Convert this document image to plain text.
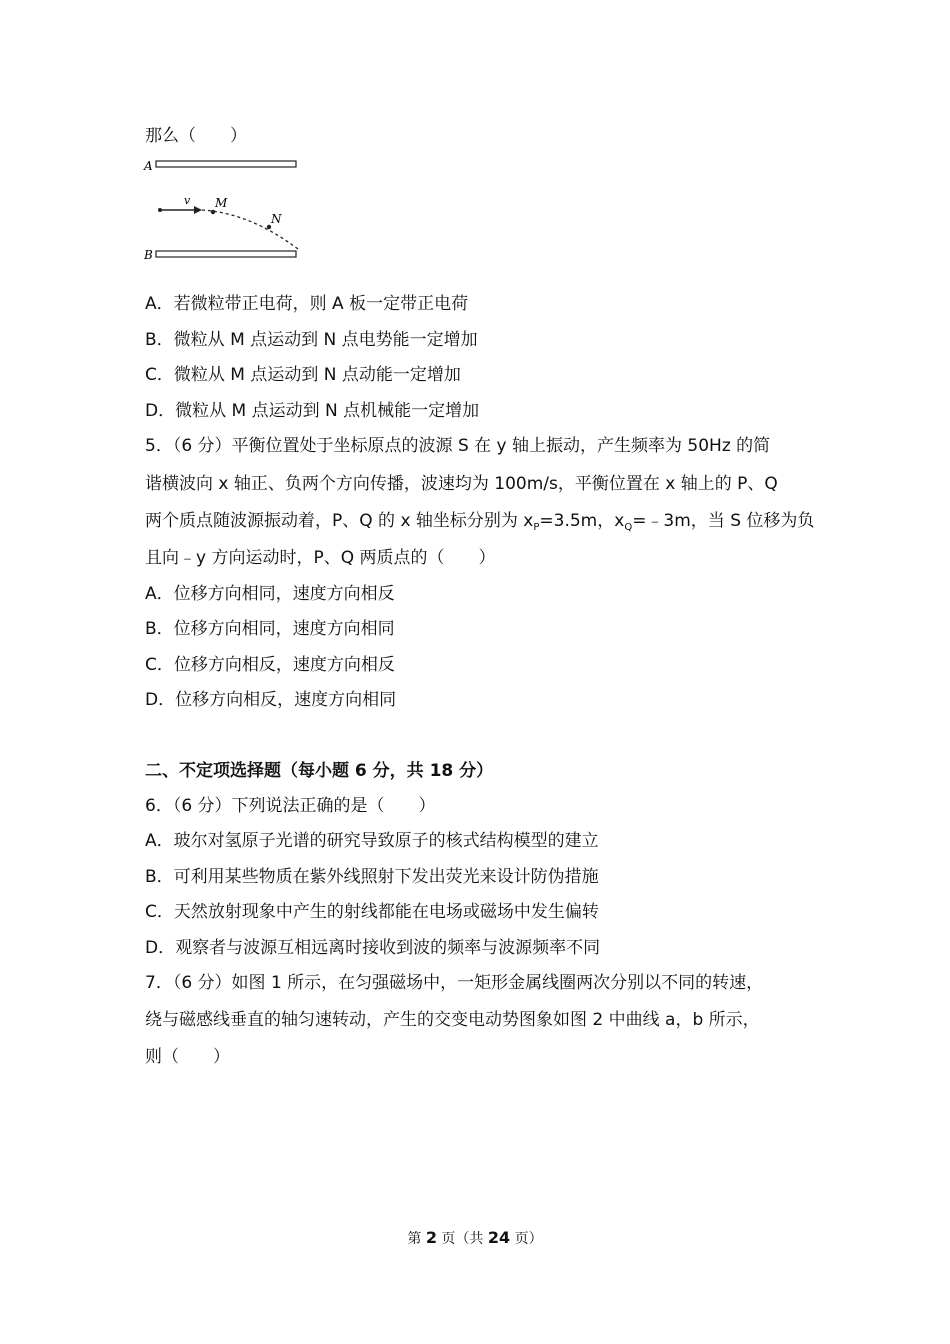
那么（　　）
A
B
v M
N
A．若微粒带正电荷，则 A 板一定带正电荷
B．微粒从 M 点运动到 N 点电势能一定增加
C．微粒从 M 点运动到 N 点动能一定增加
D．微粒从 M 点运动到 N 点机械能一定增加
5．（6 分）平衡位置处于坐标原点的波源 S 在 y 轴上振动，产生频率为 50Hz 的简
谐横波向 x 轴正、负两个方向传播，波速均为 100m/s，平衡位置在 x 轴上的 P、Q
两个质点随波源振动着，P、Q 的 x 轴坐标分别为 $x_P=3.5m$，$x_Q=﹣3m$，当 S 位移为负
且向﹣y 方向运动时，P、Q 两质点的（　　）
A．位移方向相同，速度方向相反
B．位移方向相同，速度方向相同
C．位移方向相反，速度方向相反
D．位移方向相反，速度方向相同
二、不定项选择题（每小题 6 分，共 18 分）
6．（6 分）下列说法正确的是（　　）
A．玻尔对氢原子光谱的研究导致原子的核式结构模型的建立
B．可利用某些物质在紫外线照射下发出荧光来设计防伪措施
C．天然放射现象中产生的射线都能在电场或磁场中发生偏转
D．观察者与波源互相远离时接收到波的频率与波源频率不同
7．（6 分）如图 1 所示，在匀强磁场中，一矩形金属线圈两次分别以不同的转速，
绕与磁感线垂直的轴匀速转动，产生的交变电动势图象如图 2 中曲线 a，b 所示，
则（　　）
第 2 页（共 24 页）
